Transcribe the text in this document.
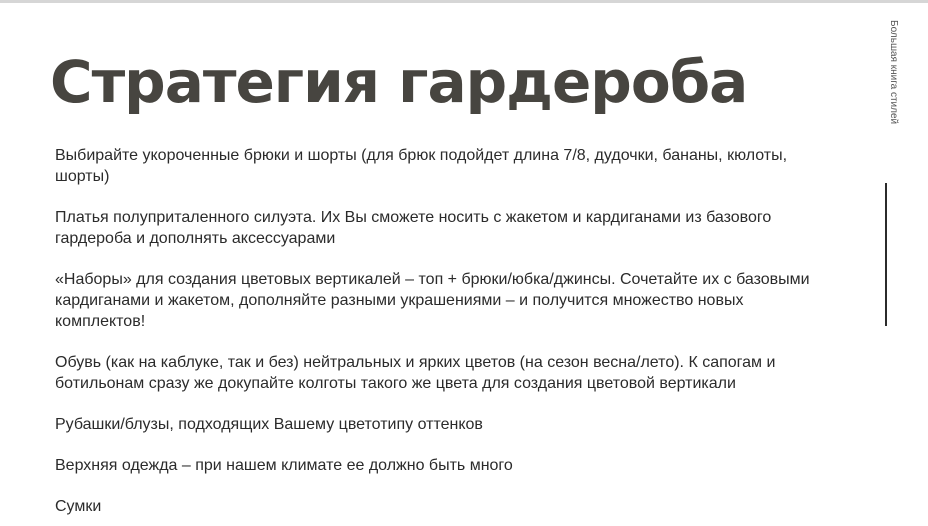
Стратегия гардероба	Большая книга стилей

Выбирайте укороченные брюки и шорты (для брюк подойдет длина 7/8, дудочки, бананы, кюлоты, шорты)

Платья полуприталенного силуэта. Их Вы сможете носить с жакетом и кардиганами из базового гардероба и дополнять аксессуарами

«Наборы» для создания цветовых вертикалей – топ + брюки/юбка/джинсы. Сочетайте их с базовыми кардиганами и жакетом, дополняйте разными украшениями – и получится множество новых комплектов!

Обувь (как на каблуке, так и без) нейтральных и ярких цветов (на сезон весна/лето). К сапогам и ботильонам сразу же докупайте колготы такого же цвета для создания цветовой вертикали

Рубашки/блузы, подходящих Вашему цветотипу оттенков

Верхняя одежда – при нашем климате ее должно быть много

Сумки
